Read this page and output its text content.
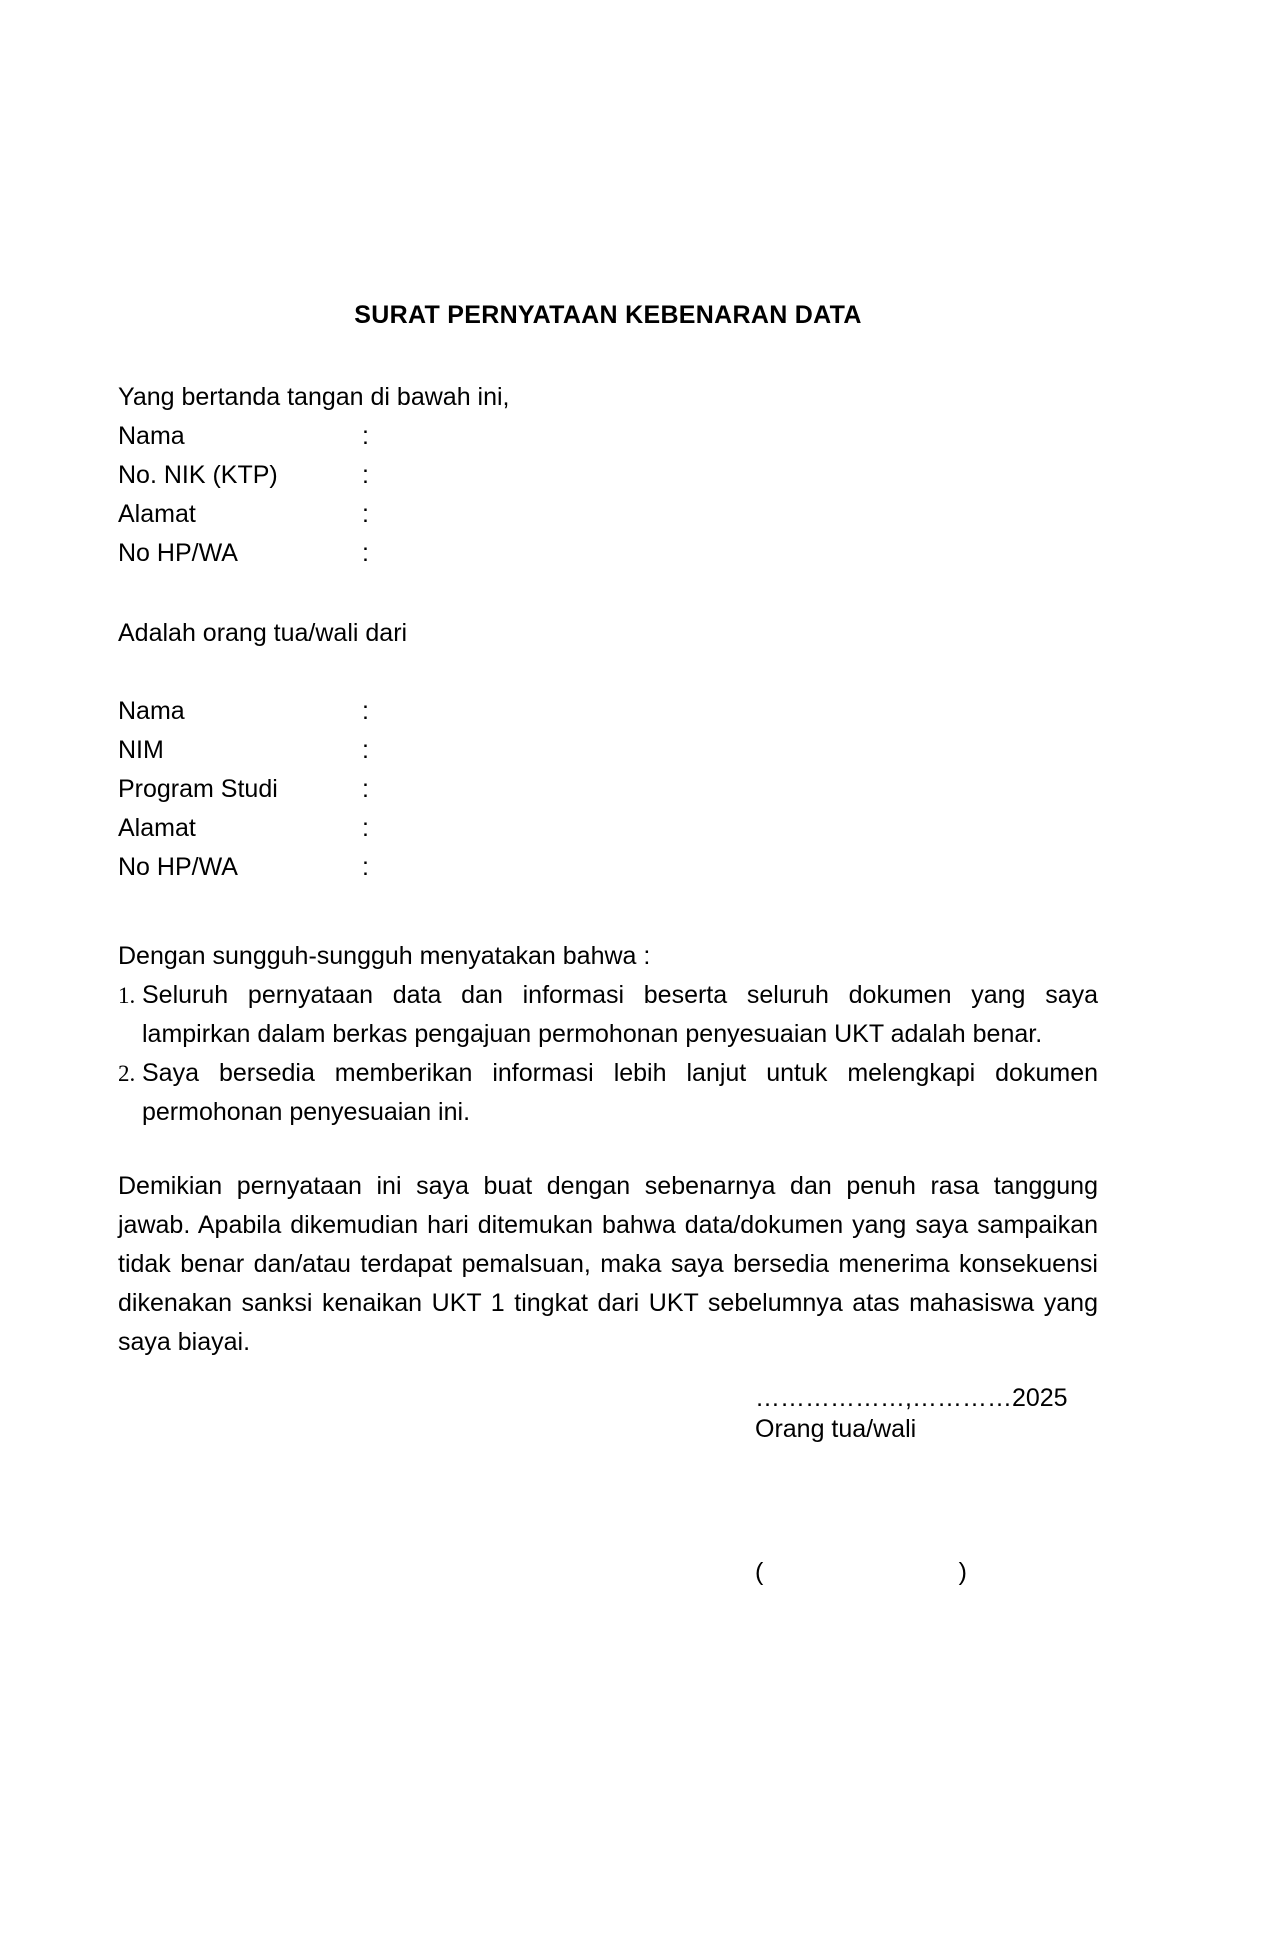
SURAT PERNYATAAN KEBENARAN DATA

Yang bertanda tangan di bawah ini,

Nama	:
No. NIK (KTP)	:
Alamat	:
No HP/WA	:

Adalah orang tua/wali dari

Nama	:
NIM	:
Program Studi	:
Alamat	:
No HP/WA	:

Dengan sungguh-sungguh menyatakan bahwa :

1. Seluruh pernyataan data dan informasi beserta seluruh dokumen yang saya lampirkan dalam berkas pengajuan permohonan penyesuaian UKT adalah benar.
2. Saya bersedia memberikan informasi lebih lanjut untuk melengkapi dokumen permohonan penyesuaian ini.

Demikian pernyataan ini saya buat dengan sebenarnya dan penuh rasa tanggung jawab. Apabila dikemudian hari ditemukan bahwa data/dokumen yang saya sampaikan tidak benar dan/atau terdapat pemalsuan, maka saya bersedia menerima konsekuensi dikenakan sanksi kenaikan UKT 1 tingkat dari UKT sebelumnya atas mahasiswa yang saya biayai.

………………,…………2025
Orang tua/wali
(	)
